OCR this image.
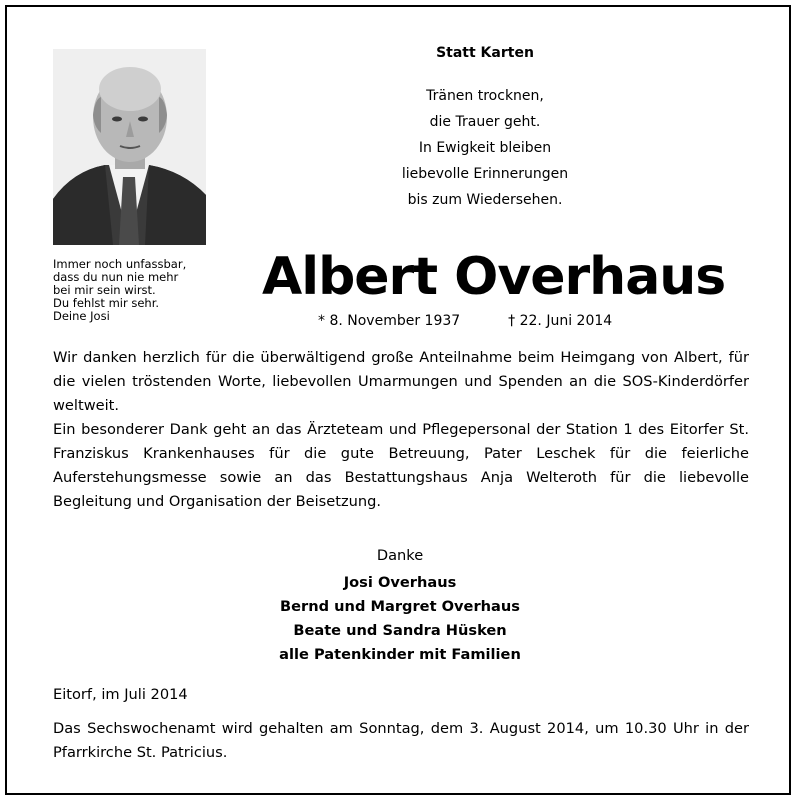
Immer noch unfassbar,
dass du nun nie mehr
bei mir sein wirst.
Du fehlst mir sehr.
Deine Josi
Statt Karten
Tränen trocknen,
die Trauer geht.
In Ewigkeit bleiben
liebevolle Erinnerungen
bis zum Wiedersehen.
Albert Overhaus
* 8. November 1937	† 22. Juni 2014

Wir danken herzlich für die überwältigend große Anteilnahme beim Heimgang von Albert, für die vielen tröstenden Worte, liebevollen Umarmungen und Spenden an die SOS-Kinderdörfer weltweit.

Ein besonderer Dank geht an das Ärzteteam und Pflegepersonal der Station 1 des Eitorfer St. Franziskus Krankenhauses für die gute Betreuung, Pater Leschek für die feierliche Auferstehungsmesse sowie an das Bestattungshaus Anja Welteroth für die liebevolle Begleitung und Organisation der Beisetzung.

Danke
Josi Overhaus
Bernd und Margret Overhaus
Beate und Sandra Hüsken
alle Patenkinder mit Familien
Eitorf, im Juli 2014
Das Sechswochenamt wird gehalten am Sonntag, dem 3. August 2014, um 10.30 Uhr in der Pfarrkirche St. Patricius.
